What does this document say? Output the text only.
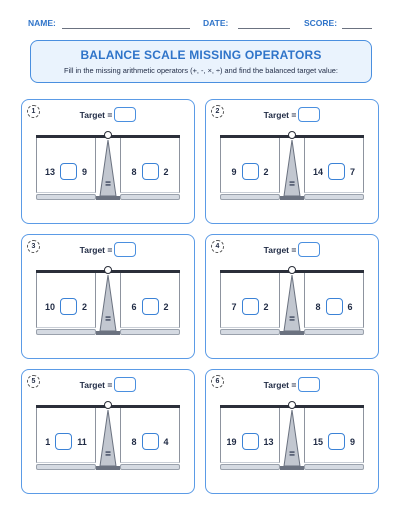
NAME:	DATE:	SCORE:
BALANCE SCALE MISSING OPERATORS
Fill in the missing arithmetic operators (+, -, ×, ÷) and find the balanced target value:
1	Target =
13	9	8	2
=
2	Target =
9	2	14	7
=
3	Target =
10	2	6	2
=
4	Target =
7	2	8	6
=
5	Target =
1	11	8	4
=
6	Target =
19	13	15	9
=
